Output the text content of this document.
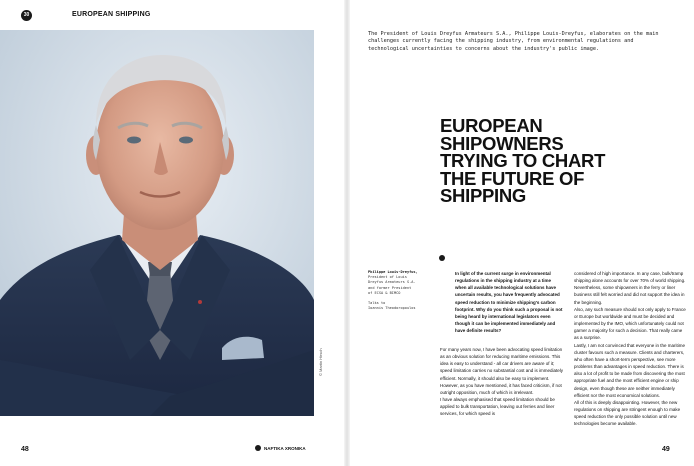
30	EUROPEAN SHIPPING
© Martin Hirsch
The President of Louis Dreyfus Armateurs S.A., Philippe Louis-Dreyfus, elaborates on the main challenges currently facing the shipping industry, from environmental regulations and technological uncertainties to concerns about the industry's public image.
EUROPEAN
SHIPOWNERS
TRYING TO CHART
THE FUTURE OF
SHIPPING
Philippe Louis-Dreyfus,
President of Louis
Dreyfus Armateurs S.A.
and former President
of ECSA & BIMCO
Talks to
Ioannis Theodoropoulos
In light of the current surge in environmental regulations in the shipping industry at a time when all available technological solutions have uncertain results, you have frequently advocated speed reduction to minimize shipping's carbon footprint. Why do you think such a proposal is not being heard by international legislators even though it can be implemented immediately and have definite results?
For many years now, I have been advocating speed limitation as an obvious solution for reducing maritime emissions. This idea is easy to understand - all car drivers are aware of it; speed limitation carries no substantial cost and is immediately efficient. Normally, it should also be easy to implement. However, as you have mentioned, it has faced criticism, if not outright opposition, much of which is irrelevant.
I have always emphasised that speed limitation should be applied to bulk transportation, leaving out ferries and liner services, for which speed is
considered of high importance. In any case, bulk/tramp shipping alone accounts for over 70% of world shipping. Nevertheless, some shipowners in the ferry or liner business still felt worried and did not support the idea in the beginning.
Also, any such measure should not only apply to France or Europe but worldwide and must be decided and implemented by the IMO, which unfortunately could not garner a majority for such a decision. That really came as a surprise.
Lastly, I am not convinced that everyone in the maritime cluster favours such a measure. Clients and charterers, who often have a short-term perspective, see more problems than advantages in speed reduction. There is also a lot of profit to be made from discovering the most appropriate fuel and the most efficient engine or ship design, even though these are neither immediately efficient nor the most economical solutions.
All of this is deeply disappointing. However, the new regulations on shipping are stringent enough to make speed reduction the only possible solution until new technologies become available.
48	NAFTIKA XRONIKA	49
